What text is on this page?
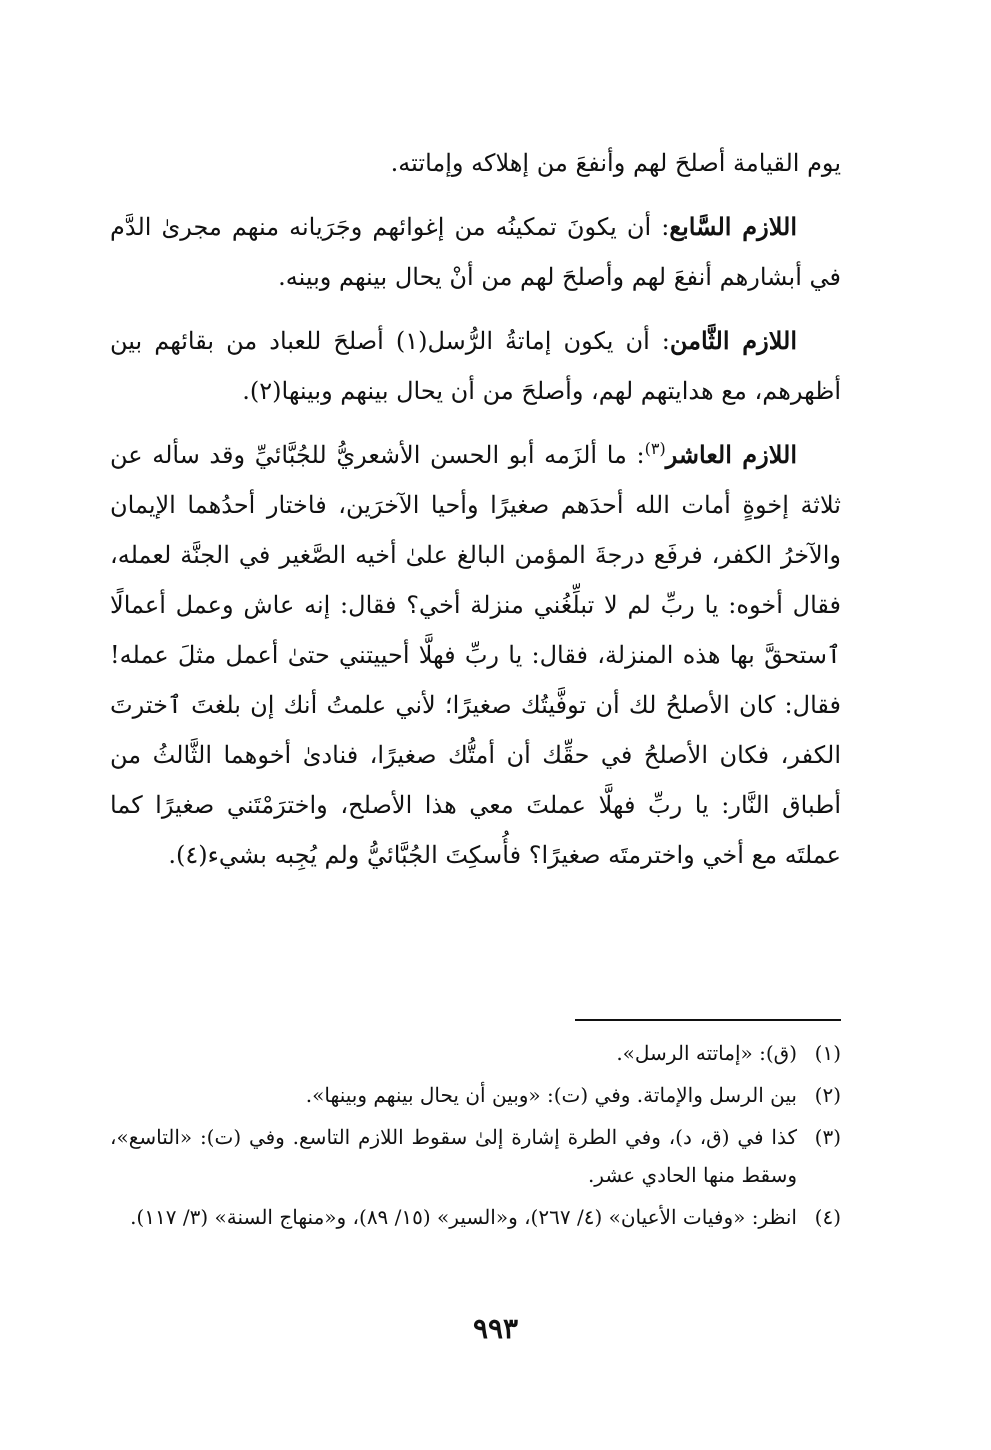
يوم القيامة أصلحَ لهم وأنفعَ من إهلاكه وإماتته.

اللازم السَّابع: أن يكونَ تمكينُه من إغوائهم وجَرَيانه منهم مجرىٰ الدَّم في أبشارهم أنفعَ لهم وأصلحَ لهم من أنْ يحال بينهم وبينه.

اللازم الثَّامن: أن يكون إماتةُ الرُّسل(١) أصلحَ للعباد من بقائهم بين أظهرهم، مع هدايتهم لهم، وأصلحَ من أن يحال بينهم وبينها(٢).

اللازم العاشر$^{(٣)}$: ما ألزَمه أبو الحسن الأشعريُّ للجُبَّائيِّ وقد سأله عن ثلاثة إخوةٍ أمات الله أحدَهم صغيرًا وأحيا الآخرَين، فاختار أحدُهما الإيمان والآخرُ الكفر، فرفَع درجةَ المؤمن البالغ علىٰ أخيه الصَّغير في الجنَّة لعمله، فقال أخوه: يا ربِّ لم لا تبلِّغُني منزلة أخي؟ فقال: إنه عاش وعمل أعمالًا ٱستحقَّ بها هذه المنزلة، فقال: يا ربِّ فهلَّا أحييتني حتىٰ أعمل مثلَ عمله! فقال: كان الأصلحُ لك أن توفَّيتُك صغيرًا؛ لأني علمتُ أنك إن بلغتَ ٱخترتَ الكفر، فكان الأصلحُ في حقِّك أن أمتُّك صغيرًا، فنادىٰ أخوهما الثَّالثُ من أطباق النَّار: يا ربِّ فهلَّا عملتَ معي هذا الأصلح، واخترَمْتَني صغيرًا كما عملتَه مع أخي واخترمتَه صغيرًا؟ فأُسكِتَ الجُبَّائيُّ ولم يُجِبه بشيء(٤).

(١)
(ق): «إماتته الرسل».
(٢)
بين الرسل والإماتة. وفي (ت): «وبين أن يحال بينهم وبينها».
(٣)
كذا في (ق، د)، وفي الطرة إشارة إلىٰ سقوط اللازم التاسع. وفي (ت): «التاسع»، وسقط منها الحادي عشر.
(٤)
انظر: «وفيات الأعيان» (٤/ ٢٦٧)، و«السير» (١٥/ ٨٩)، و«منهاج السنة» (٣/ ١١٧).
٩٩٣
